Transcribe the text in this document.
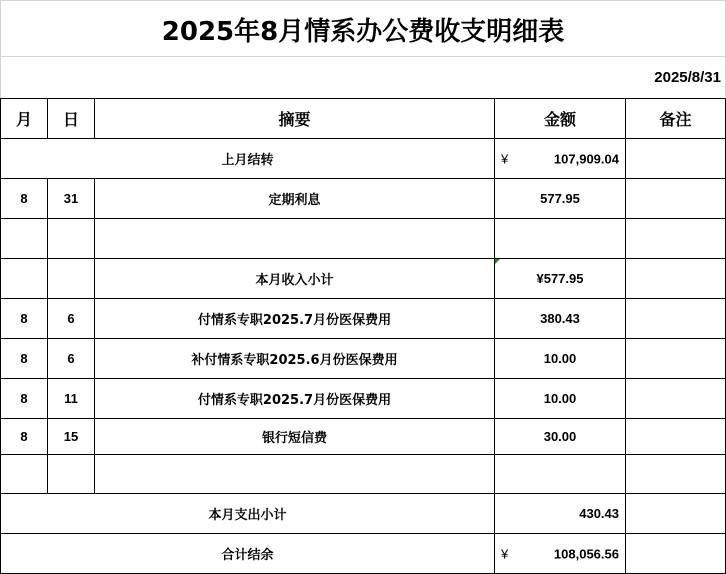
2025年8月情系办公费收支明细表
2025/8/31
月	日	摘要	金额	备注
上月结转			¥ 107,909.04	

8	31	定期利息	577.95	

		本月收入小计	¥577.95	
8	6	付情系专职2025.7月份医保费用	380.43	
8	6	补付情系专职2025.6月份医保费用	10.00	
8	11	付情系专职2025.7月份医保费用	10.00	
8	15	银行短信费	30.00	

本月支出小计			430.43	
合计结余			¥ 108,056.56	
